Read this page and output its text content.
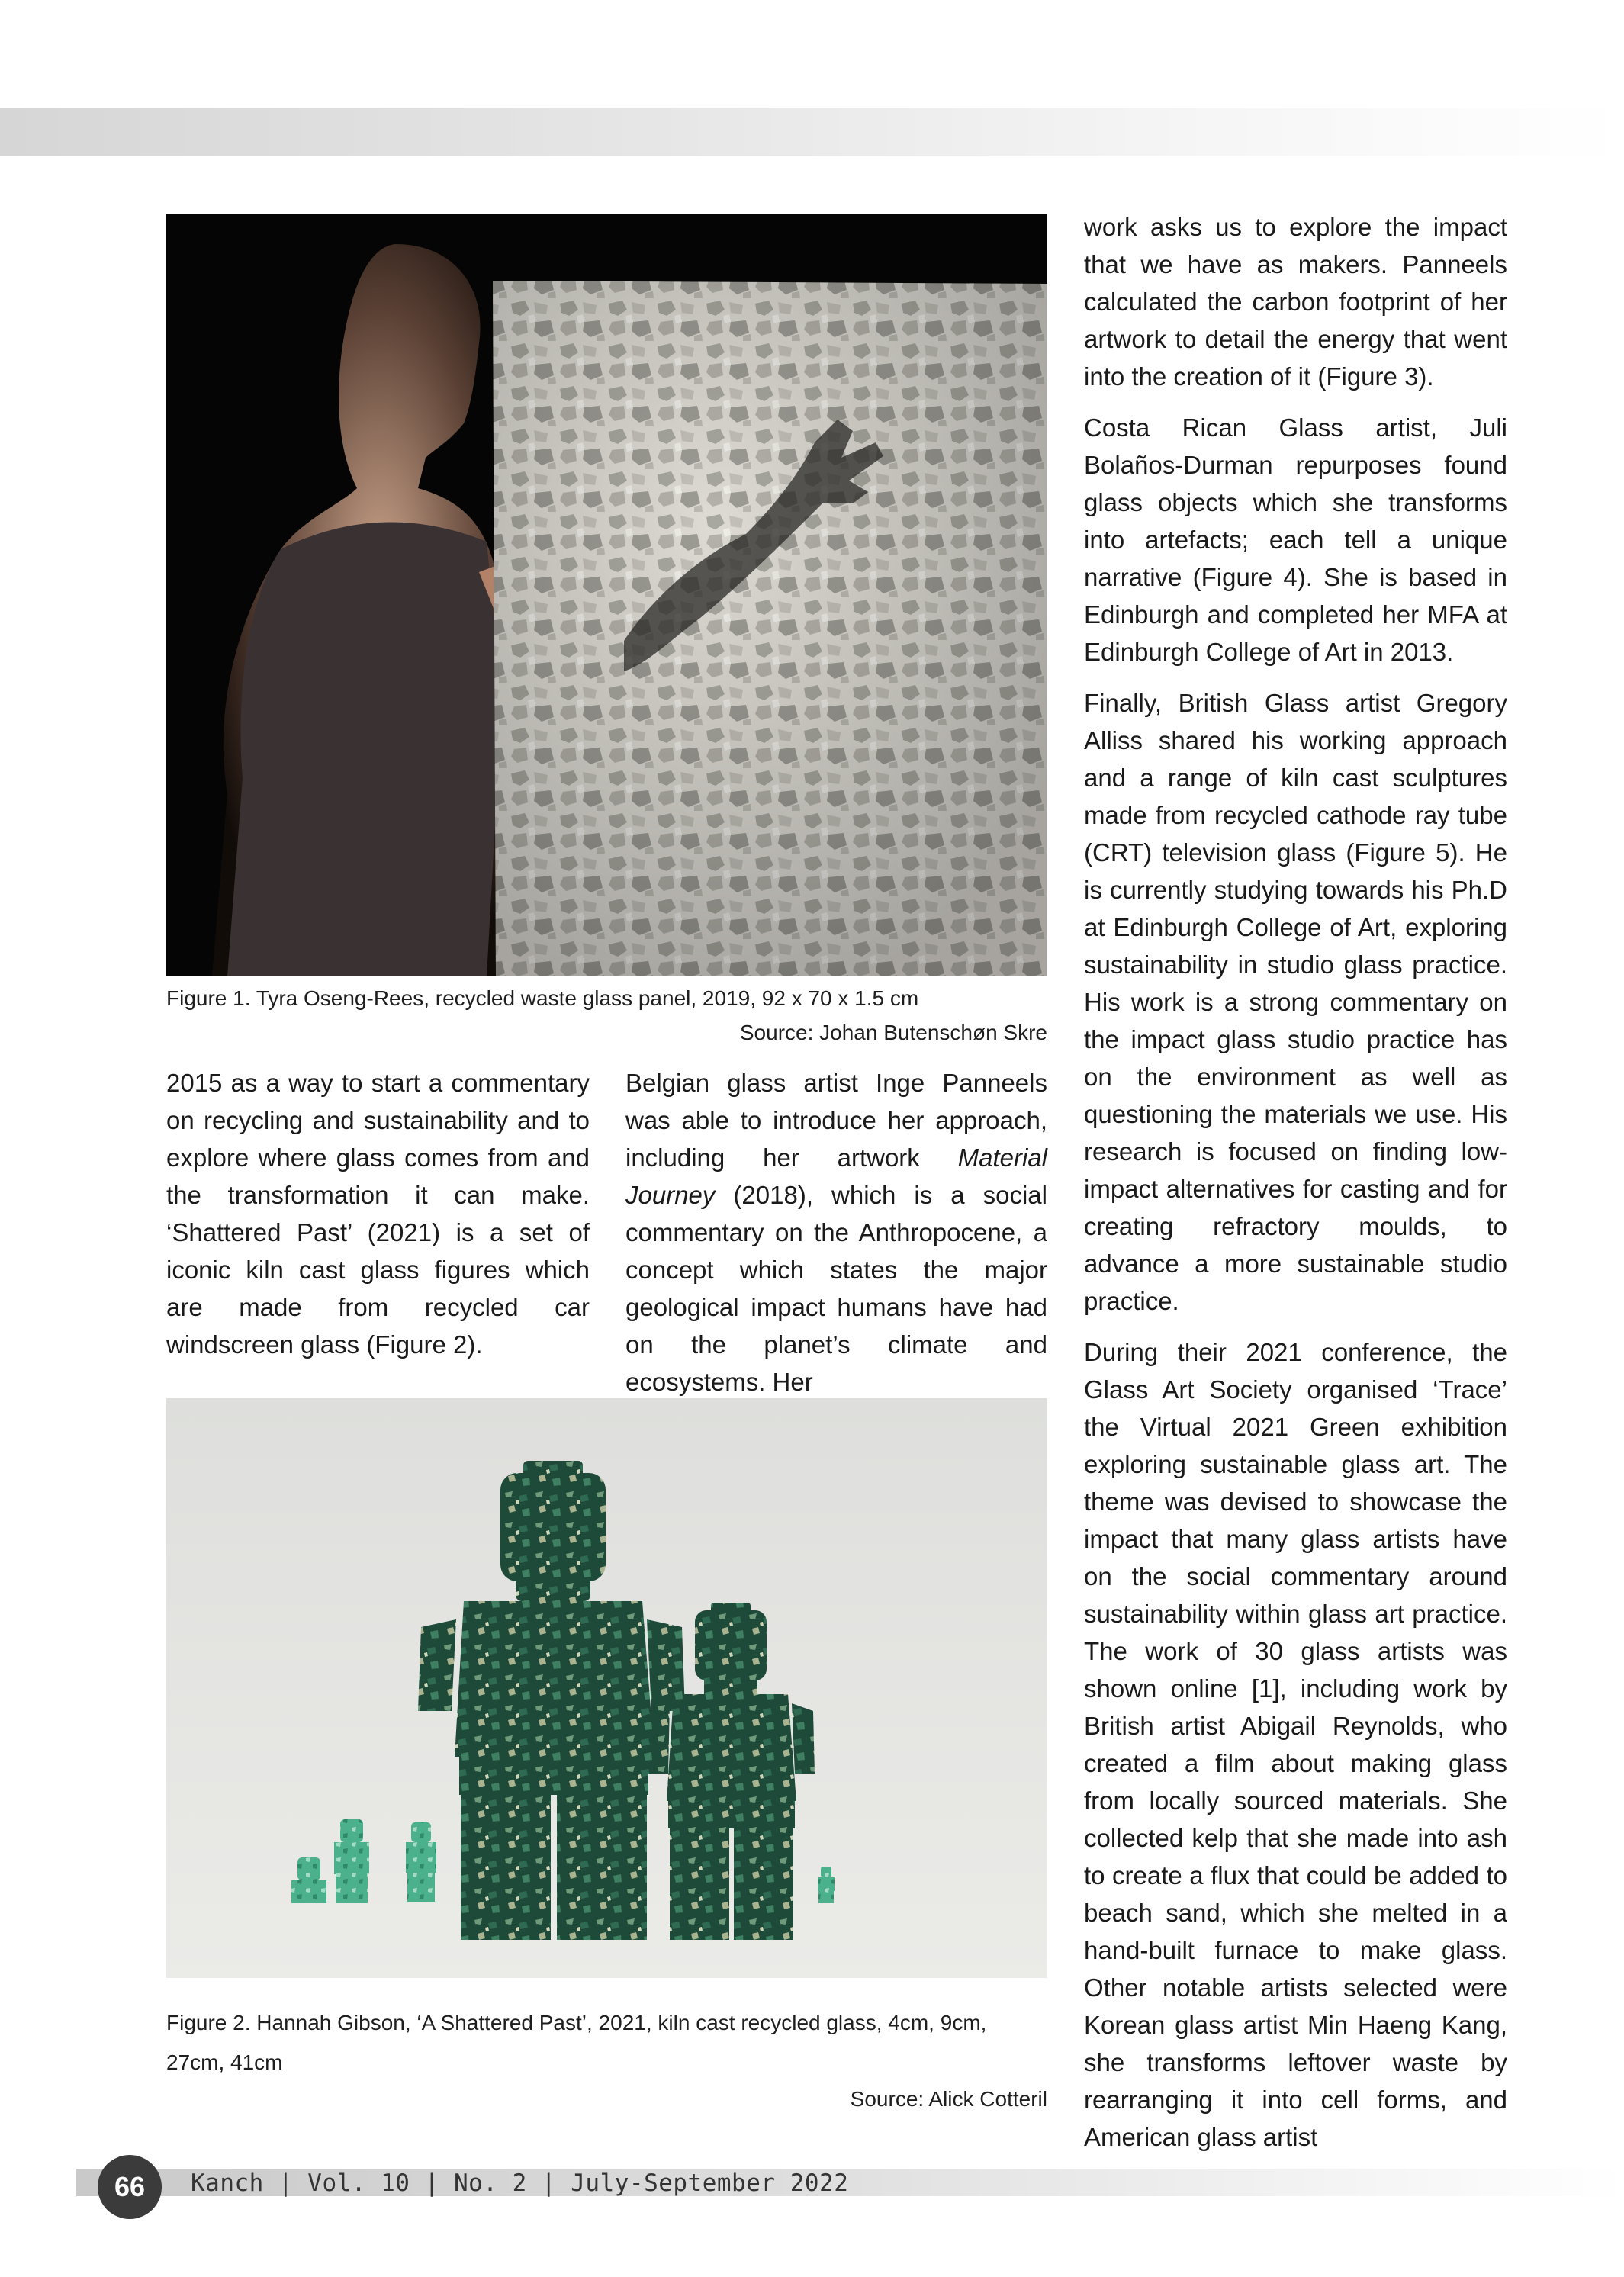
Figure 1. Tyra Oseng-Rees, recycled waste glass panel, 2019, 92 x 70 x 1.5 cm
Source: Johan Butenschøn Skre

2015 as a way to start a commentary on recycling and sustainability and to explore where glass comes from and the transformation it can make. ‘Shattered Past’ (2021) is a set of iconic kiln cast glass figures which are made from recycled car windscreen glass (Figure 2).

Belgian glass artist Inge Panneels was able to introduce her approach, including her artwork Material Journey (2018), which is a social commentary on the Anthropocene, a concept which states the major geological impact humans have had on the planet’s climate and ecosystems. Her

Figure 2. Hannah Gibson, ‘A Shattered Past’, 2021, kiln cast recycled glass, 4cm, 9cm,
27cm, 41cm
Source: Alick Cotteril

work asks us to explore the impact that we have as makers. Panneels calculated the carbon footprint of her artwork to detail the energy that went into the creation of it (Figure 3).

Costa Rican Glass artist, Juli Bolaños-Durman repurposes found glass objects which she transforms into artefacts; each tell a unique narrative (Figure 4). She is based in Edinburgh and completed her MFA at Edinburgh College of Art in 2013.

Finally, British Glass artist Gregory Alliss shared his working approach and a range of kiln cast sculptures made from recycled cathode ray tube (CRT) television glass (Figure 5). He is currently studying towards his Ph.D at Edinburgh College of Art, exploring sustainability in studio glass practice. His work is a strong commentary on the impact glass studio practice has on the environment as well as questioning the materials we use. His research is focused on finding low-impact alternatives for casting and for creating refractory moulds, to advance a more sustainable studio practice.

During their 2021 conference, the Glass Art Society organised ‘Trace’ the Virtual 2021 Green exhibition exploring sustainable glass art. The theme was devised to showcase the impact that many glass artists have on the social commentary around sustainability within glass art practice. The work of 30 glass artists was shown online [1], including work by British artist Abigail Reynolds, who created a film about making glass from locally sourced materials. She collected kelp that she made into ash to create a flux that could be added to beach sand, which she melted in a hand-built furnace to make glass. Other notable artists selected were Korean glass artist Min Haeng Kang, she transforms leftover waste by rearranging it into cell forms, and American glass artist

66	Kanch | Vol. 10 | No. 2 | July-September 2022
